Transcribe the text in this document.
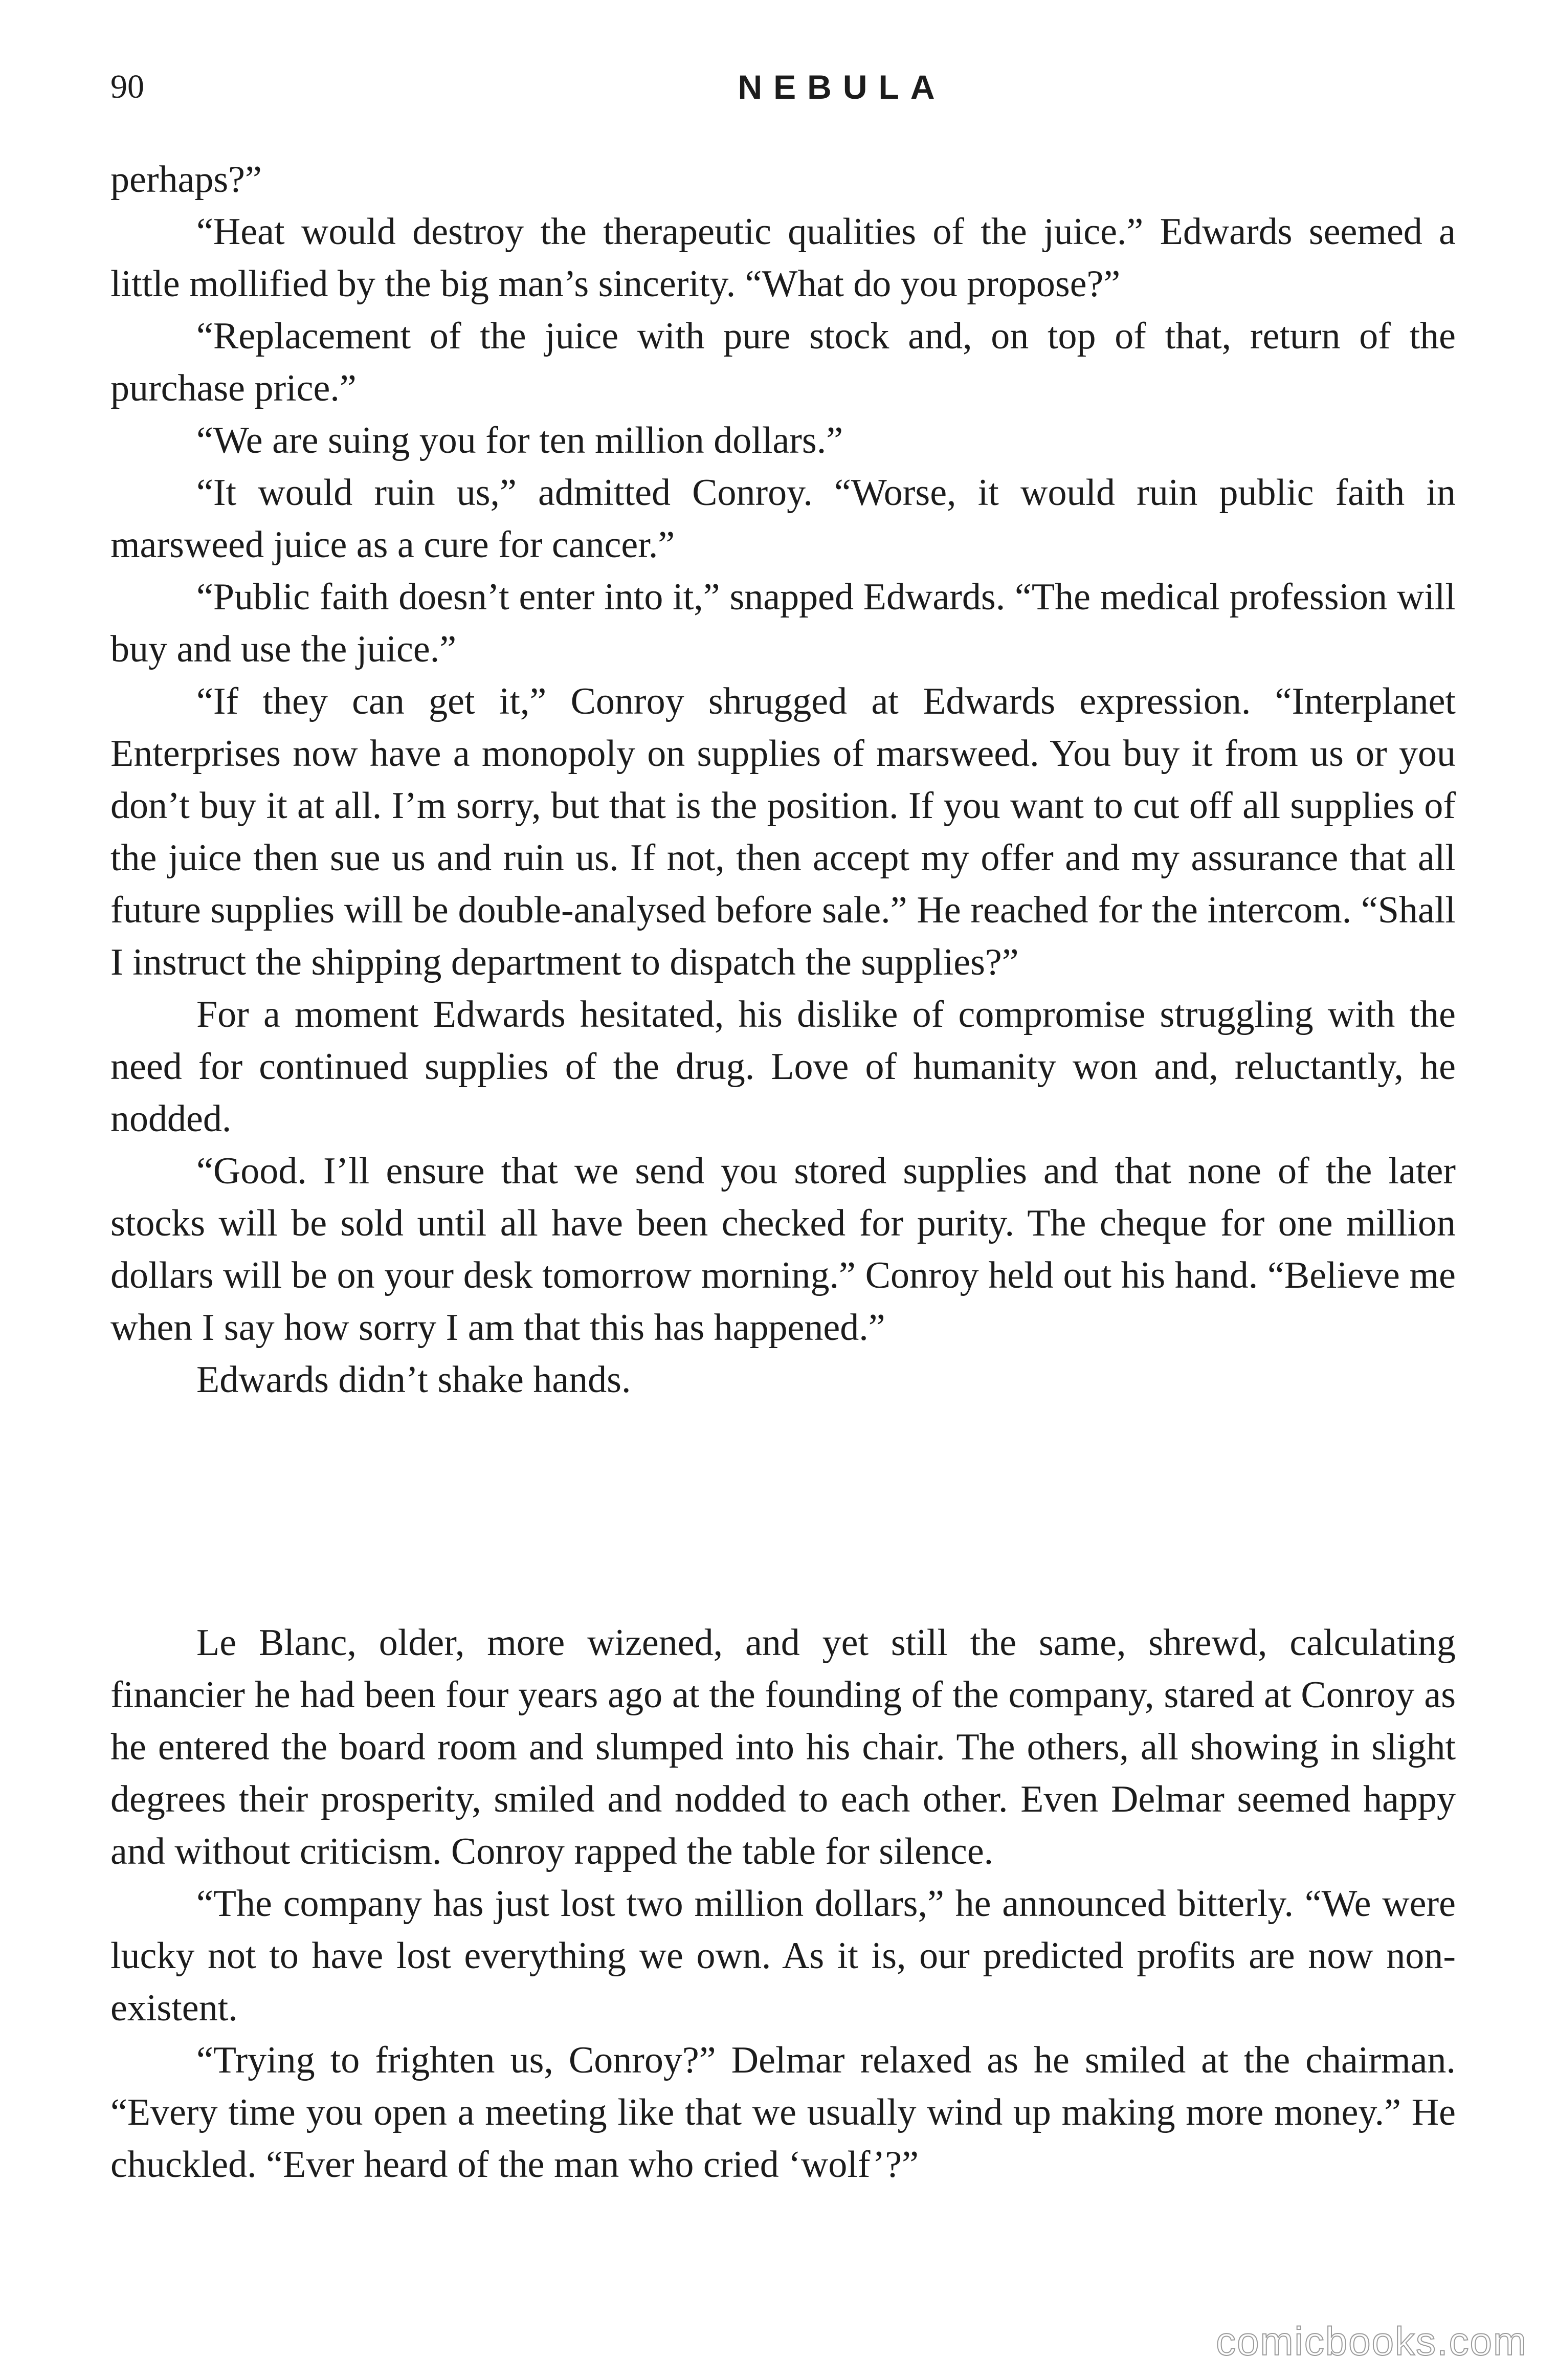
90	NEBULA

perhaps?”

“Heat would destroy the therapeutic qualities of the juice.” Edwards seemed a little mollified by the big man’s sincerity. “What do you propose?”

“Replacement of the juice with pure stock and, on top of that, return of the purchase price.”

“We are suing you for ten million dollars.”

“It would ruin us,” admitted Conroy. “Worse, it would ruin public faith in marsweed juice as a cure for cancer.”

“Public faith doesn’t enter into it,” snapped Edwards. “The medical profession will buy and use the juice.”

“If they can get it,” Conroy shrugged at Edwards expression. “Interplanet Enterprises now have a monopoly on supplies of marsweed. You buy it from us or you don’t buy it at all. I’m sorry, but that is the position. If you want to cut off all supplies of the juice then sue us and ruin us. If not, then accept my offer and my assurance that all future supplies will be double-analysed before sale.” He reached for the intercom. “Shall I instruct the shipping department to dispatch the supplies?”

For a moment Edwards hesitated, his dislike of compromise struggling with the need for continued supplies of the drug. Love of humanity won and, reluctantly, he nodded.

“Good. I’ll ensure that we send you stored supplies and that none of the later stocks will be sold until all have been checked for purity. The cheque for one million dollars will be on your desk tomorrow morning.” Conroy held out his hand. “Believe me when I say how sorry I am that this has happened.”

Edwards didn’t shake hands.

Le Blanc, older, more wizened, and yet still the same, shrewd, calculating financier he had been four years ago at the founding of the company, stared at Conroy as he entered the board room and slumped into his chair. The others, all showing in slight degrees their prosperity, smiled and nodded to each other. Even Delmar seemed happy and without criticism. Conroy rapped the table for silence.

“The company has just lost two million dollars,” he announced bitterly. “We were lucky not to have lost everything we own. As it is, our predicted profits are now non-existent.

“Trying to frighten us, Conroy?” Delmar relaxed as he smiled at the chairman. “Every time you open a meeting like that we usually wind up making more money.” He chuckled. “Ever heard of the man who cried ‘wolf’?”

comicbooks.com
